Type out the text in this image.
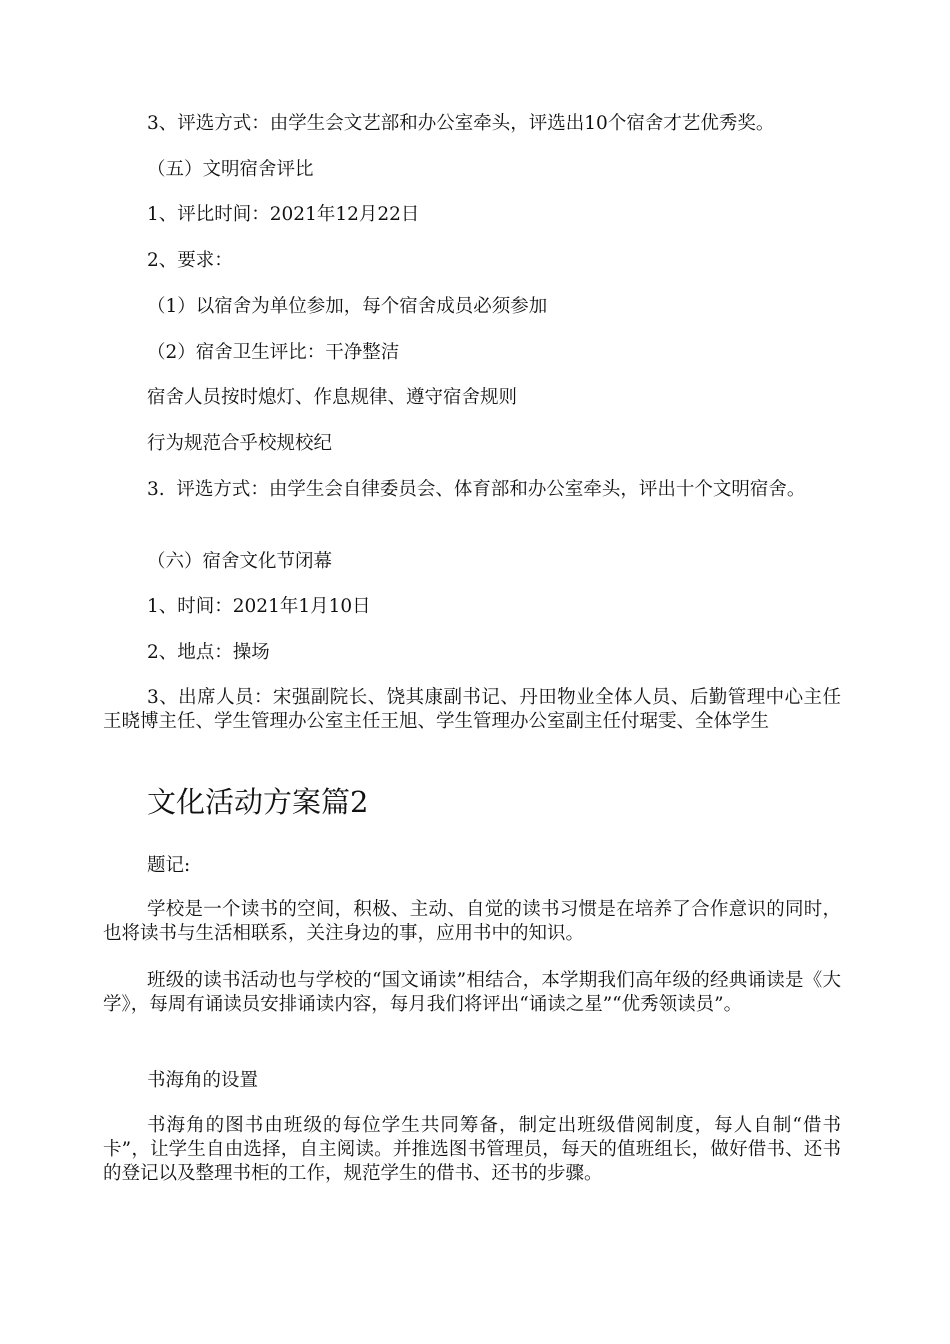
3、评选方式：由学生会文艺部和办公室牵头，评选出10个宿舍才艺优秀奖。
（五）文明宿舍评比
1、评比时间：2021年12月22日
2、要求：
（1）以宿舍为单位参加，每个宿舍成员必须参加
（2）宿舍卫生评比：干净整洁
宿舍人员按时熄灯、作息规律、遵守宿舍规则
行为规范合乎校规校纪
3.  评选方式：由学生会自律委员会、体育部和办公室牵头，评出十个文明宿舍。
（六）宿舍文化节闭幕
1、时间：2021年1月10日
2、地点：操场
3、出席人员：宋强副院长、饶其康副书记、丹田物业全体人员、后勤管理中心主任王晓博主任、学生管理办公室主任王旭、学生管理办公室副主任付琚雯、全体学生
文化活动方案篇2
题记:
学校是一个读书的空间，积极、主动、自觉的读书习惯是在培养了合作意识的同时，也将读书与生活相联系，关注身边的事，应用书中的知识。
班级的读书活动也与学校的“国文诵读”相结合，本学期我们高年级的经典诵读是《大学》，每周有诵读员安排诵读内容，每月我们将评出“诵读之星”“优秀领读员”。
书海角的设置
书海角的图书由班级的每位学生共同筹备，制定出班级借阅制度，每人自制“借书卡”，让学生自由选择，自主阅读。并推选图书管理员，每天的值班组长，做好借书、还书的登记以及整理书柜的工作，规范学生的借书、还书的步骤。
